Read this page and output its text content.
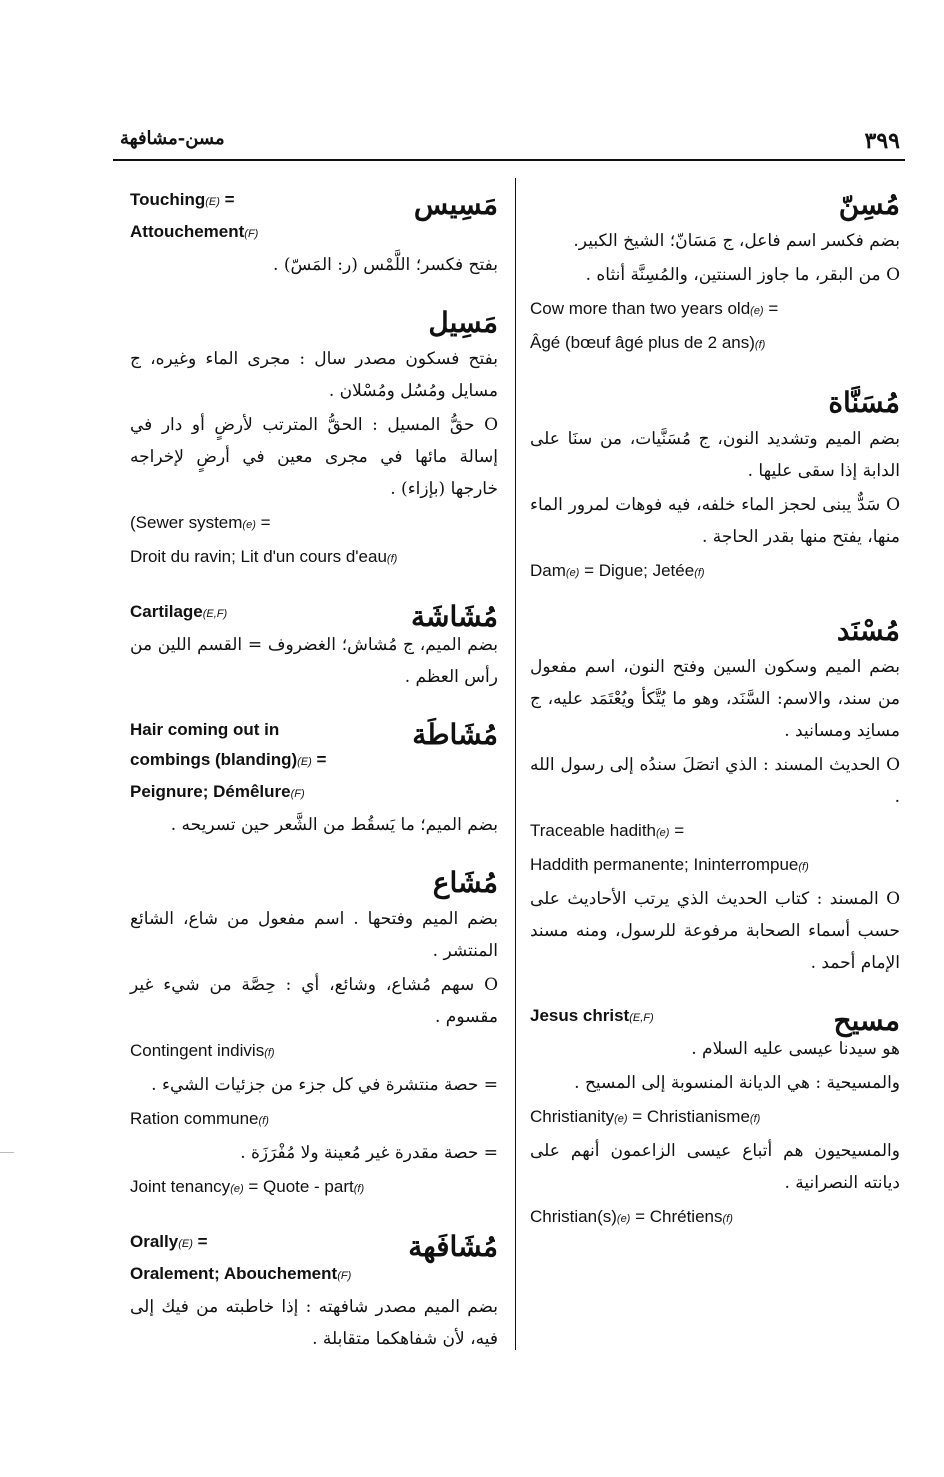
٣٩٩
مسن-مشافهة
مُسِنّ

بضم فكسر اسم فاعل، ج مَسَانّ؛ الشيخ الكبير.

O من البقر، ما جاوز السنتين، والمُسِنَّة أنثاه .

Cow more than two years old(e) =
Âgé (bœuf âgé plus de 2 ans)(f)
مُسَنَّاة

بضم الميم وتشديد النون، ج مُسَنَّيات، من سنَا على الدابة إذا سقى عليها .

O سَدٌّ يبنى لحجز الماء خلفه، فيه فوهات لمرور الماء منها، يفتح منها بقدر الحاجة .

Dam(e) = Digue; Jetée(f)
مُسْنَد

بضم الميم وسكون السين وفتح النون، اسم مفعول من سند، والاسم: السَّنَد، وهو ما يُتَّكأ ويُعْتَمَد عليه، ج مسانِد ومسانيد .

O الحديث المسند : الذي اتصَلَ سندُه إلى رسول الله .

Traceable hadith(e) =
Haddith permanente; Ininterrompue(f)

O المسند : كتاب الحديث الذي يرتب الأحاديث على حسب أسماء الصحابة مرفوعة للرسول، ومنه مسند الإمام أحمد .

مسيح
Jesus christ(E,F)

هو سيدنا عيسى عليه السلام .

والمسيحية : هي الديانة المنسوبة إلى المسيح .

Christianity(e) = Christianisme(f)

والمسيحيون هم أتباع عيسى الزاعمون أنهم على ديانته النصرانية .

Christian(s)(e) = Chrétiens(f)
مَسِيس
Touching(E) =
Attouchement(F)

بفتح فكسر؛ اللَّمْس (ر: المَسّ) .

مَسِيل

بفتح فسكون مصدر سال : مجرى الماء وغيره، ج مسايل ومُسُل ومُسْلان .

O حقُّ المسيل : الحقُّ المترتب لأرضٍ أو دار في إسالة مائها في مجرى معين في أرضٍ لإخراجه خارجها (بإزاء) .

(Sewer system(e) =
Droit du ravin; Lit d'un cours d'eau(f)
مُشَاشَة
Cartilage(E,F)

بضم الميم، ج مُشاش؛ الغضروف = القسم اللين من رأس العظم .

مُشَاطَة
Hair coming out in
combings (blanding)(E) =
Peignure; Démêlure(F)

بضم الميم؛ ما يَسقُط من الشَّعر حين تسريحه .

مُشَاع

بضم الميم وفتحها . اسم مفعول من شاع، الشائع المنتشر .

O سهم مُشاع، وشائع، أي : حِصَّة من شيء غير مقسوم .

Contingent indivis(f)

= حصة منتشرة في كل جزء من جزئيات الشيء .

Ration commune(f)

= حصة مقدرة غير مُعينة ولا مُفْرَزَة .

Joint tenancy(e) = Quote - part(f)
مُشَافَهة
Orally(E) =
Oralement; Abouchement(F)

بضم الميم مصدر شافهته : إذا خاطبته من فيك إلى فيه، لأن شفاهكما متقابلة .
